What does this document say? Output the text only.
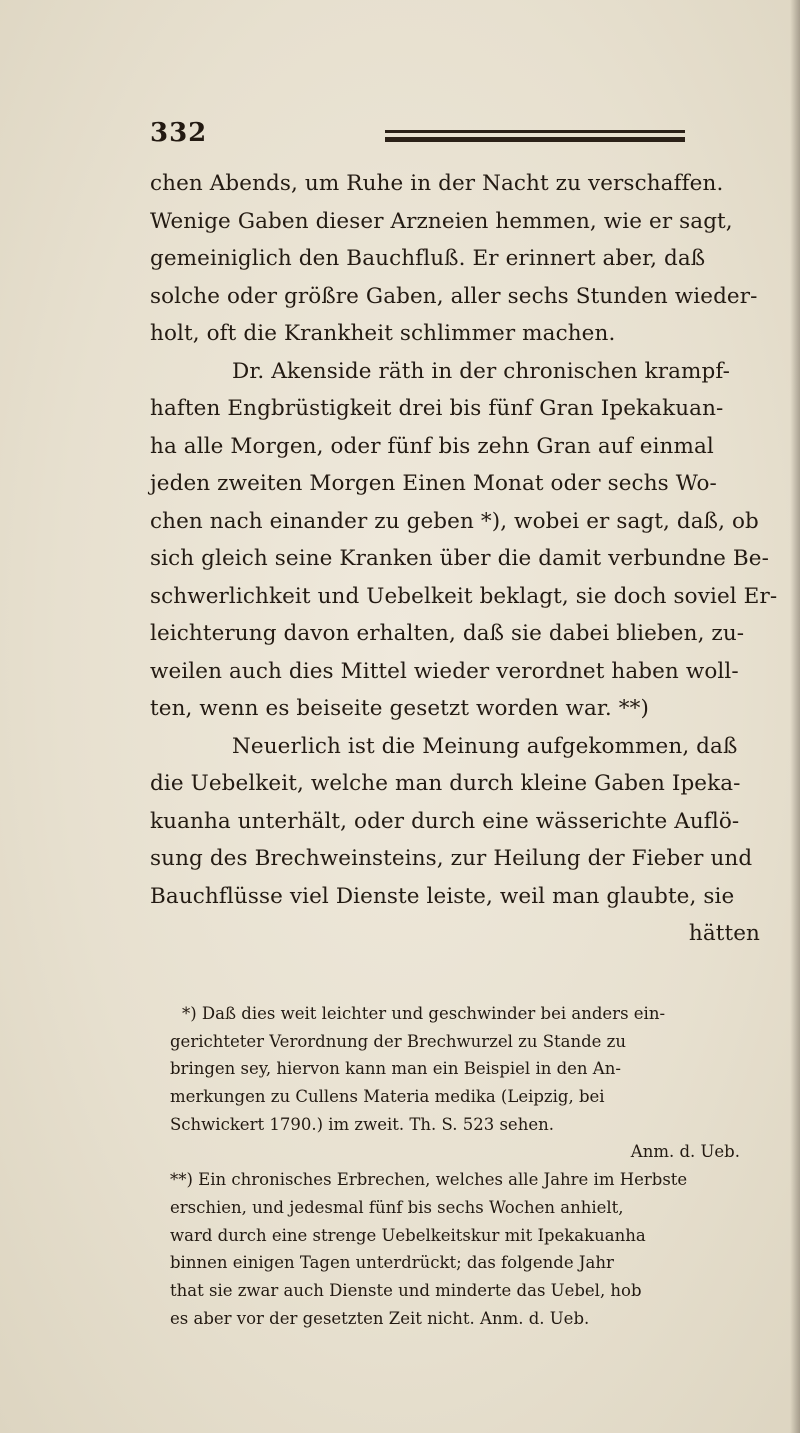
332
chen Abends, um Ruhe in der Nacht zu verschaffen.
Wenige Gaben dieser Arzneien hemmen, wie er sagt,
gemeiniglich den Bauchfluß. Er erinnert aber, daß
solche oder größre Gaben, aller sechs Stunden wieder-
holt, oft die Krankheit schlimmer machen.
Dr. Akenside räth in der chronischen krampf-
haften Engbrüstigkeit drei bis fünf Gran Ipekakuan-
ha alle Morgen, oder fünf bis zehn Gran auf einmal
jeden zweiten Morgen Einen Monat oder sechs Wo-
chen nach einander zu geben *), wobei er sagt, daß, ob
sich gleich seine Kranken über die damit verbundne Be-
schwerlichkeit und Uebelkeit beklagt, sie doch soviel Er-
leichterung davon erhalten, daß sie dabei blieben, zu-
weilen auch dies Mittel wieder verordnet haben woll-
ten, wenn es beiseite gesetzt worden war. **)
Neuerlich ist die Meinung aufgekommen, daß
die Uebelkeit, welche man durch kleine Gaben Ipeka-
kuanha unterhält, oder durch eine wässerichte Auflö-
sung des Brechweinsteins, zur Heilung der Fieber und
Bauchflüsse viel Dienste leiste, weil man glaubte, sie
hätten
*) Daß dies weit leichter und geschwinder bei anders ein-
gerichteter Verordnung der Brechwurzel zu Stande zu
bringen sey, hiervon kann man ein Beispiel in den An-
merkungen zu Cullens Materia medika (Leipzig, bei
Schwickert 1790.) im zweit. Th. S. 523 sehen.
Anm. d. Ueb.
**) Ein chronisches Erbrechen, welches alle Jahre im Herbste
erschien, und jedesmal fünf bis sechs Wochen anhielt,
ward durch eine strenge Uebelkeitskur mit Ipekakuanha
binnen einigen Tagen unterdrückt; das folgende Jahr
that sie zwar auch Dienste und minderte das Uebel, hob
es aber vor der gesetzten Zeit nicht. Anm. d. Ueb.
